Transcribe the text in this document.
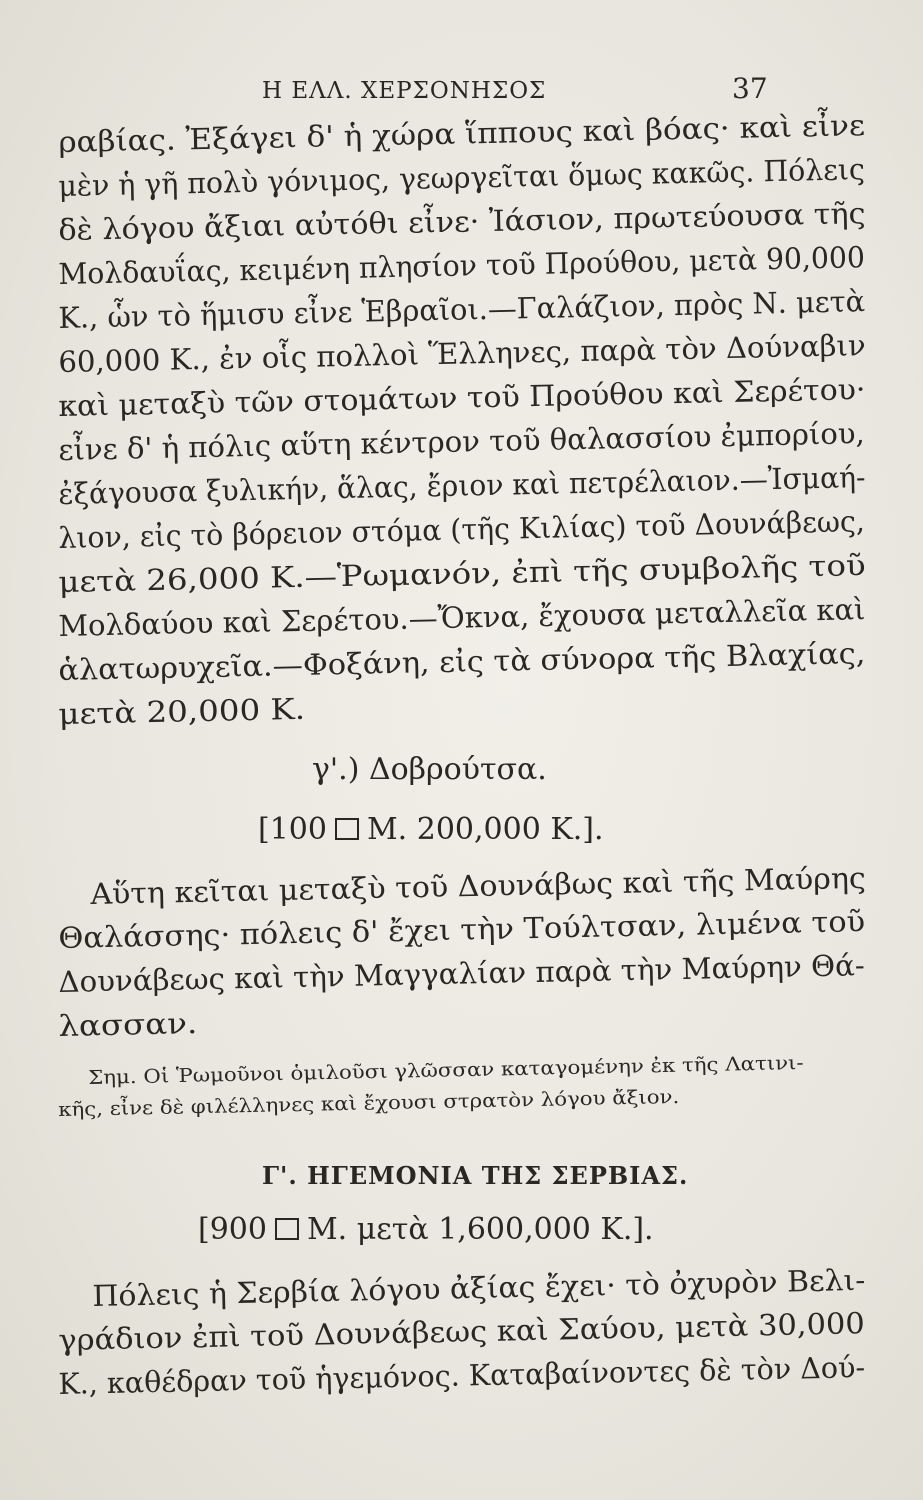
Η ΕΛΛ. ΧΕΡΣΟΝΗΣΟΣ	37
ραβίας. Ἐξάγει δ' ἡ χώρα ἵππους καὶ βόας· καὶ εἶνε
μὲν ἡ γῆ πολὺ γόνιμος, γεωργεῖται ὅμως κακῶς. Πόλεις
δὲ λόγου ἄξιαι αὐτόθι εἶνε· Ἰάσιον, πρωτεύουσα τῆς
Μολδαυΐας, κειμένη πλησίον τοῦ Προύθου, μετὰ 90,000
Κ., ὧν τὸ ἥμισυ εἶνε Ἑβραῖοι.—Γαλάζιον, πρὸς Ν. μετὰ
60,000 Κ., ἐν οἷς πολλοὶ Ἕλληνες, παρὰ τὸν Δούναβιν
καὶ μεταξὺ τῶν στομάτων τοῦ Προύθου καὶ Σερέτου·
εἶνε δ' ἡ πόλις αὕτη κέντρον τοῦ θαλασσίου ἐμπορίου,
ἐξάγουσα ξυλικήν, ἅλας, ἔριον καὶ πετρέλαιον.—Ἰσμαή-
λιον, εἰς τὸ βόρειον στόμα (τῆς Κιλίας) τοῦ Δουνάβεως,
μετὰ 26,000 Κ.—Ῥωμανόν, ἐπὶ τῆς συμβολῆς τοῦ
Μολδαύου καὶ Σερέτου.—Ὄκνα, ἔχουσα μεταλλεῖα καὶ
ἁλατωρυχεῖα.—Φοξάνη, εἰς τὰ σύνορα τῆς Βλαχίας,
μετὰ 20,000 Κ.
γ'.) Δοβρούτσα.
[100 Μ. 200,000 Κ.].
Αὕτη κεῖται μεταξὺ τοῦ Δουνάβως καὶ τῆς Μαύρης
Θαλάσσης· πόλεις δ' ἔχει τὴν Τούλτσαν, λιμένα τοῦ
Δουνάβεως καὶ τὴν Μαγγαλίαν παρὰ τὴν Μαύρην Θά-
λασσαν.
Σημ. Οἱ Ῥωμοῦνοι ὁμιλοῦσι γλῶσσαν καταγομένην ἐκ τῆς Λατινι-
κῆς, εἶνε δὲ φιλέλληνες καὶ ἔχουσι στρατὸν λόγου ἄξιον.
Γ'. ΗΓΕΜΟΝΙΑ ΤΗΣ ΣΕΡΒΙΑΣ.
[900 Μ. μετὰ 1,600,000 Κ.].
Πόλεις ἡ Σερβία λόγου ἀξίας ἔχει· τὸ ὀχυρὸν Βελι-
γράδιον ἐπὶ τοῦ Δουνάβεως καὶ Σαύου, μετὰ 30,000
Κ., καθέδραν τοῦ ἡγεμόνος. Καταβαίνοντες δὲ τὸν Δού-
